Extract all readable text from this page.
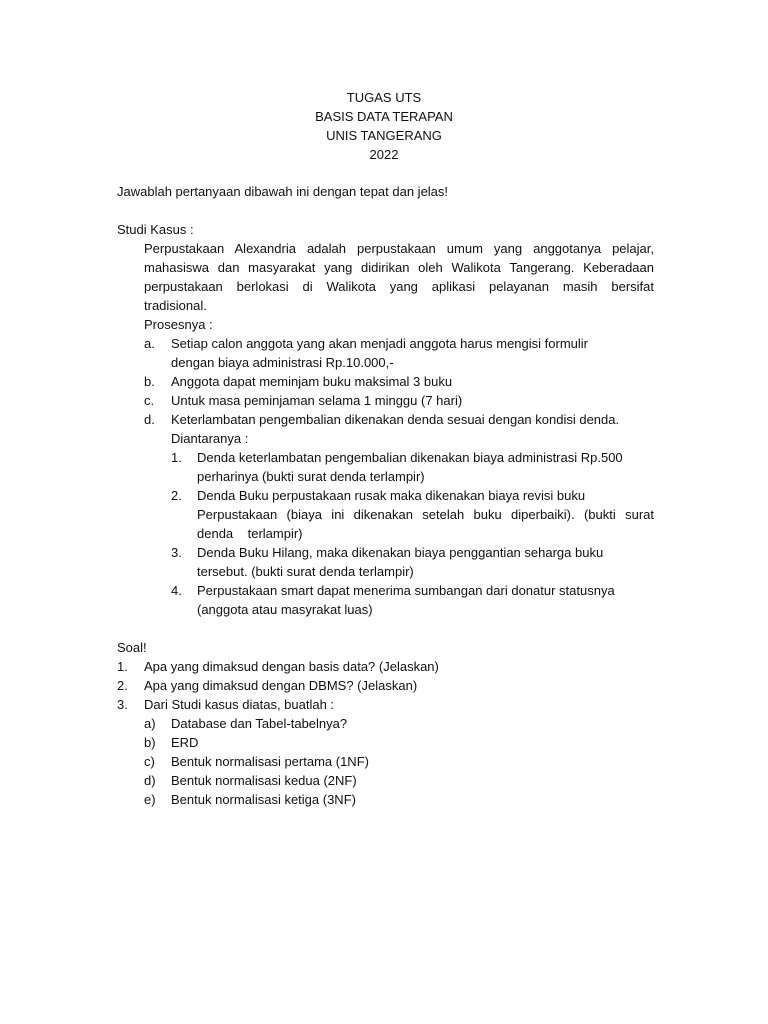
TUGAS UTS
BASIS DATA TERAPAN
UNIS TANGERANG
2022
Jawablah pertanyaan dibawah ini dengan tepat dan jelas!
Studi Kasus :
Perpustakaan Alexandria adalah perpustakaan umum yang anggotanya pelajar,
mahasiswa dan masyarakat yang didirikan oleh Walikota Tangerang. Keberadaan
perpustakaan berlokasi di Walikota yang aplikasi pelayanan masih bersifat
tradisional.
Prosesnya :
a. Setiap calon anggota yang akan menjadi anggota harus mengisi formulir
dengan biaya administrasi Rp.10.000,-
b. Anggota dapat meminjam buku maksimal 3 buku
c. Untuk masa peminjaman selama 1 minggu (7 hari)
d. Keterlambatan pengembalian dikenakan denda sesuai dengan kondisi denda.
Diantaranya :
1. Denda keterlambatan pengembalian dikenakan biaya administrasi Rp.500
perharinya (bukti surat denda terlampir)
2. Denda Buku perpustakaan rusak maka dikenakan biaya revisi buku
Perpustakaan (biaya ini dikenakan setelah buku diperbaiki). (bukti surat
denda    terlampir)
3. Denda Buku Hilang, maka dikenakan biaya penggantian seharga buku
tersebut. (bukti surat denda terlampir)
4. Perpustakaan smart dapat menerima sumbangan dari donatur statusnya
(anggota atau masyrakat luas)
Soal!
1. Apa yang dimaksud dengan basis data? (Jelaskan)
2. Apa yang dimaksud dengan DBMS? (Jelaskan)
3. Dari Studi kasus diatas, buatlah :
a) Database dan Tabel-tabelnya?
b) ERD
c) Bentuk normalisasi pertama (1NF)
d) Bentuk normalisasi kedua (2NF)
e) Bentuk normalisasi ketiga (3NF)
